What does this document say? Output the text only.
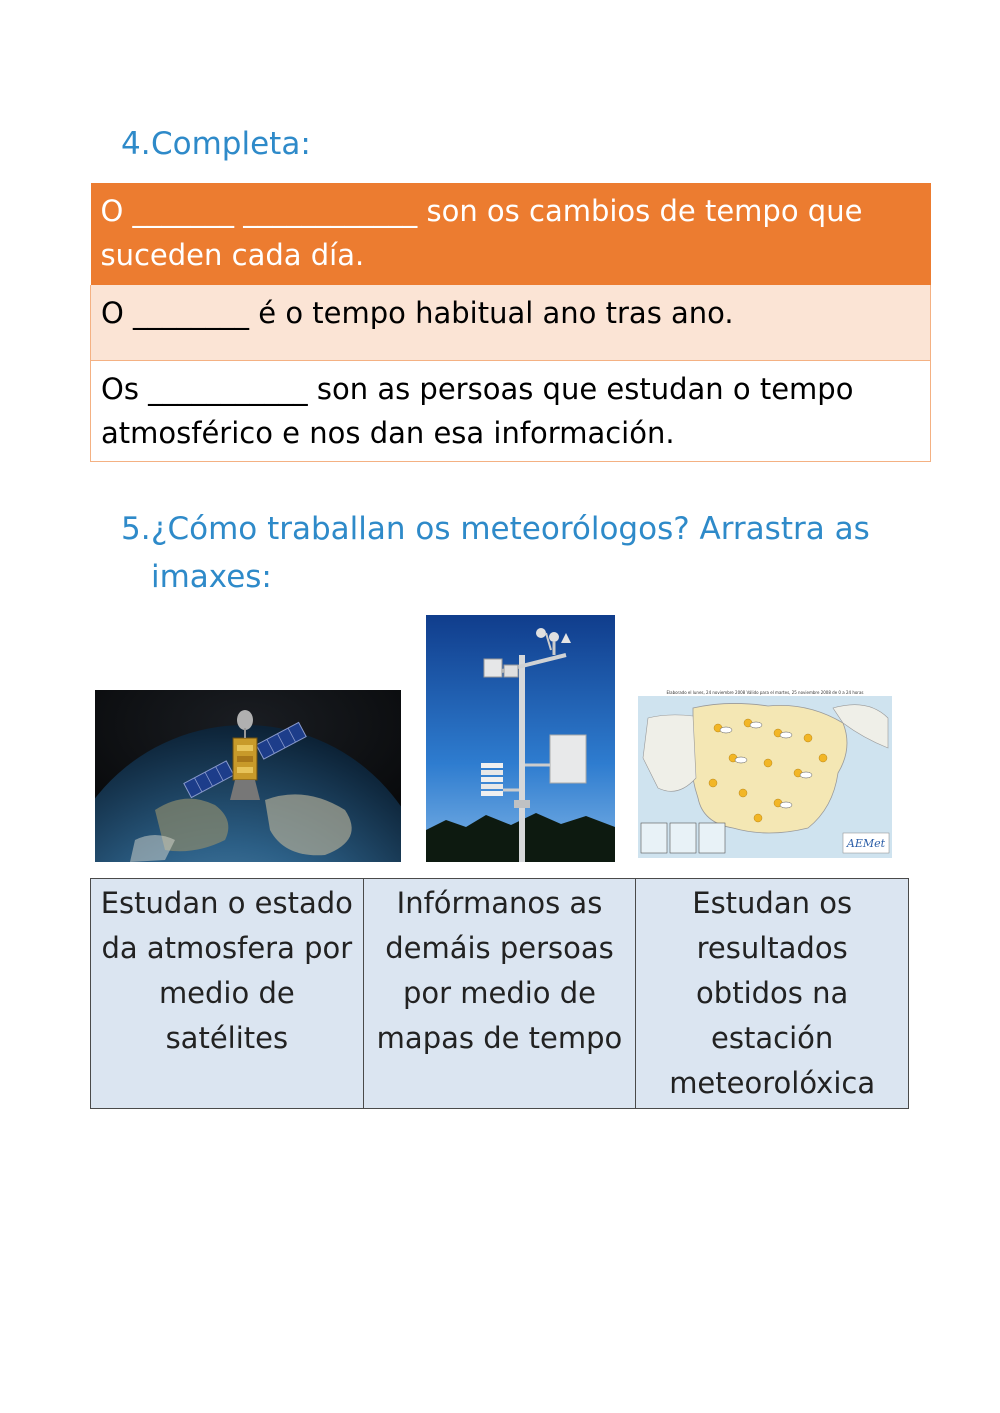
4.Completa:
O _______ ____________ son os cambios de tempo que suceden cada día.
O ________ é o tempo habitual ano tras ano.
Os ___________ son as persoas que estudan o tempo atmosférico e nos dan esa información.
5.¿Cómo traballan os meteorólogos? Arrastra as
imaxes:
Elaborado el lunes, 24 noviembre 2008 Válido para el martes, 25 noviembre 2008 de 0 a 24 horas
AEMet
Estudan o estado da atmosfera por medio de satélites	Infórmanos as demáis persoas por medio de mapas de tempo	Estudan os resultados obtidos na estación meteorolóxica
